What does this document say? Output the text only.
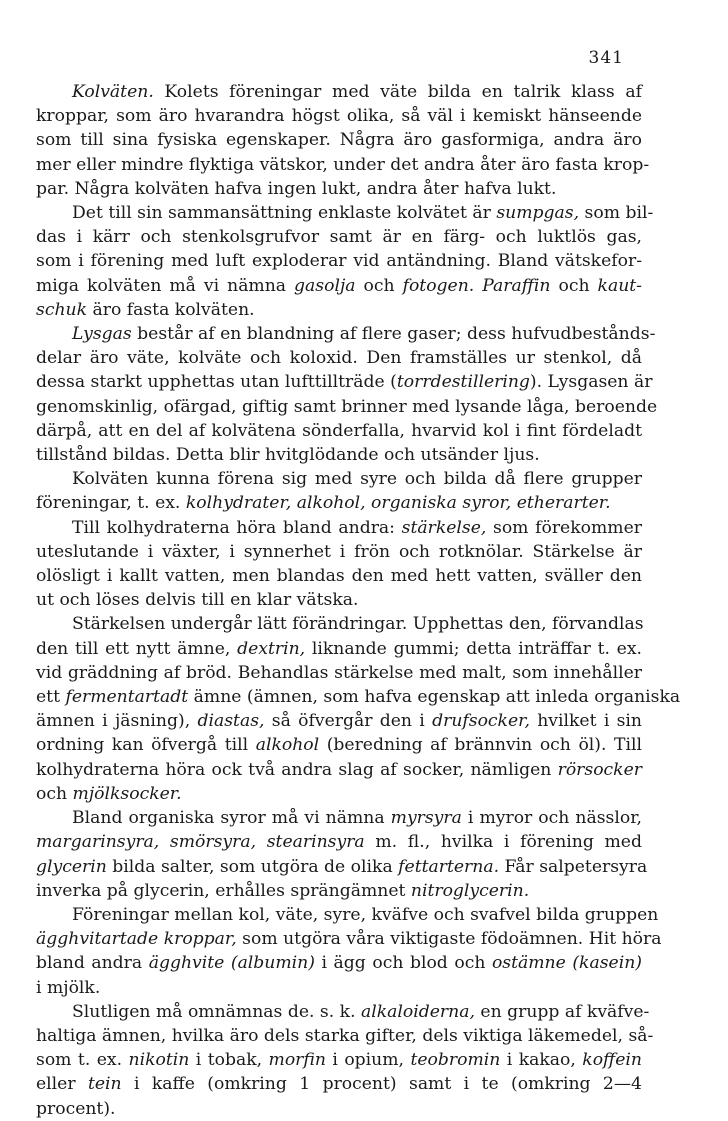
341

Kolväten. Kolets föreningar med väte bilda en talrik klass af
kroppar, som äro hvarandra högst olika, så väl i kemiskt hänseende
som till sina fysiska egenskaper. Några äro gasformiga, andra äro
mer eller mindre flyktiga vätskor, under det andra åter äro fasta krop-
par. Några kolväten hafva ingen lukt, andra åter hafva lukt.

Det till sin sammansättning enklaste kolvätet är sumpgas, som bil-
das i kärr och stenkolsgrufvor samt är en färg- och luktlös gas,
som i förening med luft exploderar vid antändning. Bland vätskefor-
miga kolväten må vi nämna gasolja och fotogen. Paraffin och kaut-
schuk äro fasta kolväten.

Lysgas består af en blandning af flere gaser; dess hufvudbestånds-
delar äro väte, kolväte och koloxid. Den framställes ur stenkol, då
dessa starkt upphettas utan lufttillträde (torrdestillering). Lysgasen är
genomskinlig, ofärgad, giftig samt brinner med lysande låga, beroende
därpå, att en del af kolvätena sönderfalla, hvarvid kol i fint fördeladt
tillstånd bildas. Detta blir hvitglödande och utsänder ljus.

Kolväten kunna förena sig med syre och bilda då flere grupper
föreningar, t. ex. kolhydrater, alkohol, organiska syror, etherarter.

Till kolhydraterna höra bland andra: stärkelse, som förekommer
uteslutande i växter, i synnerhet i frön och rotknölar. Stärkelse är
olösligt i kallt vatten, men blandas den med hett vatten, sväller den
ut och löses delvis till en klar vätska.

Stärkelsen undergår lätt förändringar. Upphettas den, förvandlas
den till ett nytt ämne, dextrin, liknande gummi; detta inträffar t. ex.
vid gräddning af bröd. Behandlas stärkelse med malt, som innehåller
ett fermentartadt ämne (ämnen, som hafva egenskap att inleda organiska
ämnen i jäsning), diastas, så öfvergår den i drufsocker, hvilket i sin
ordning kan öfvergå till alkohol (beredning af brännvin och öl). Till
kolhydraterna höra ock två andra slag af socker, nämligen rörsocker
och mjölksocker.

Bland organiska syror må vi nämna myrsyra i myror och nässlor,
margarinsyra, smörsyra, stearinsyra m. fl., hvilka i förening med
glycerin bilda salter, som utgöra de olika fettarterna. Får salpetersyra
inverka på glycerin, erhålles sprängämnet nitroglycerin.

Föreningar mellan kol, väte, syre, kväfve och svafvel bilda gruppen
ägghvitartade kroppar, som utgöra våra viktigaste födoämnen. Hit höra
bland andra ägghvite (albumin) i ägg och blod och ostämne (kasein)
i mjölk.

Slutligen må omnämnas de. s. k. alkaloiderna, en grupp af kväfve-
haltiga ämnen, hvilka äro dels starka gifter, dels viktiga läkemedel, så-
som t. ex. nikotin i tobak, morfin i opium, teobromin i kakao, koffein
eller tein i kaffe (omkring 1 procent) samt i te (omkring 2—4
procent).
